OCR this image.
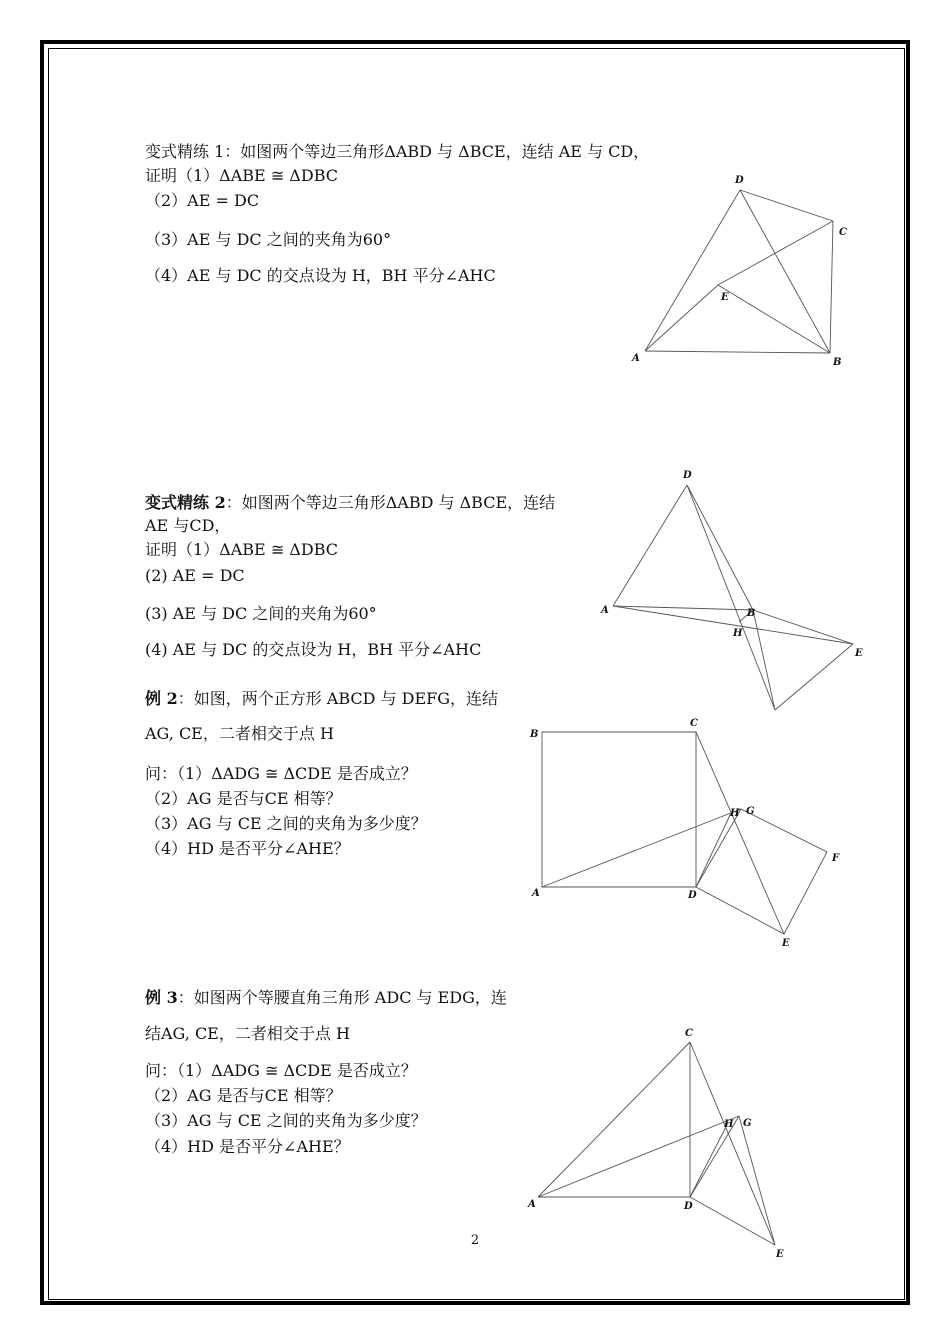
变式精练 1：如图两个等边三角形ΔABD 与 ΔBCE，连结 AE 与 CD，
证明（1）ΔABE ≅ ΔDBC
（2）AE = DC
（3）AE 与 DC 之间的夹角为60°
（4）AE 与 DC 的交点设为 H，BH 平分∠AHC
D
C
E
A	B
变式精练 2：如图两个等边三角形ΔABD 与 ΔBCE，连结
AE 与CD，
证明（1）ΔABE ≅ ΔDBC
(2) AE = DC
(3) AE 与 DC 之间的夹角为60°
(4) AE 与 DC 的交点设为 H，BH 平分∠AHC
D
A	B
H
E
例 2：如图，两个正方形 ABCD 与 DEFG，连结
AG, CE，二者相交于点 H
问：（1）ΔADG ≅ ΔCDE 是否成立？
（2）AG 是否与CE 相等？
（3）AG 与 CE 之间的夹角为多少度？
（4）HD 是否平分∠AHE？
B
C
H G
F
A	D
E
例 3：如图两个等腰直角三角形 ADC 与 EDG，连
结AG, CE，二者相交于点 H
问：（1）ΔADG ≅ ΔCDE 是否成立？
（2）AG 是否与CE 相等？
（3）AG 与 CE 之间的夹角为多少度？
（4）HD 是否平分∠AHE？
C
H G
A	D
E
2
